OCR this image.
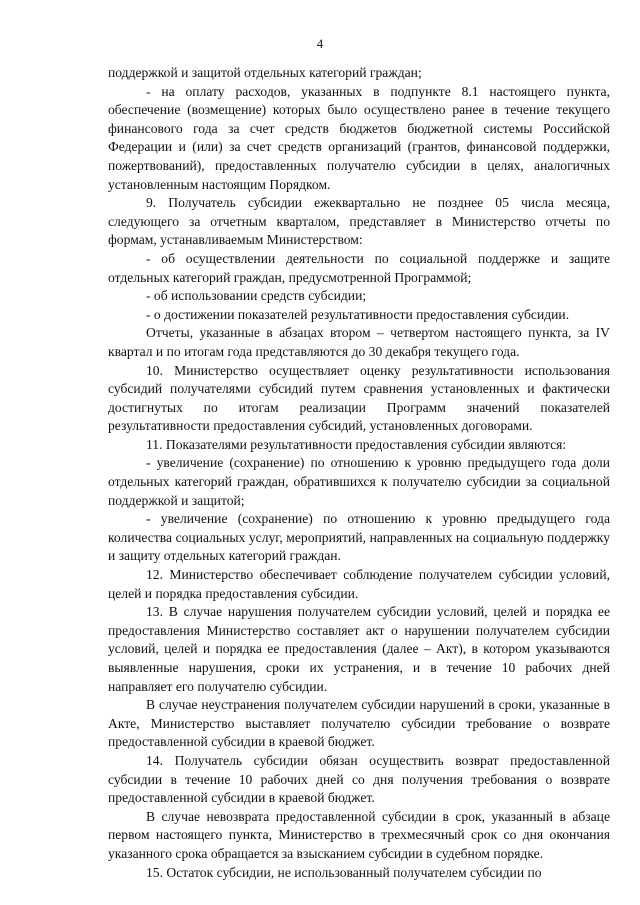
4

поддержкой и защитой отдельных категорий граждан;

- на оплату расходов, указанных в подпункте 8.1 настоящего пункта, обеспечение (возмещение) которых было осуществлено ранее в течение текущего финансового года за счет средств бюджетов бюджетной системы Российской Федерации и (или) за счет средств организаций (грантов, финансовой поддержки, пожертвований), предоставленных получателю субсидии в целях, аналогичных установленным настоящим Порядком.

9. Получатель субсидии ежеквартально не позднее 05 числа месяца, следующего за отчетным кварталом, представляет в Министерство отчеты по формам, устанавливаемым Министерством:

- об осуществлении деятельности по социальной поддержке и защите отдельных категорий граждан, предусмотренной Программой;

- об использовании средств субсидии;

- о достижении показателей результативности предоставления субсидии.

Отчеты, указанные в абзацах втором – четвертом настоящего пункта, за IV квартал и по итогам года представляются до 30 декабря текущего года.

10. Министерство осуществляет оценку результативности использования субсидий получателями субсидий путем сравнения установленных и фактически достигнутых по итогам реализации Программ значений показателей результативности предоставления субсидий, установленных договорами.

11. Показателями результативности предоставления субсидии являются:

- увеличение (сохранение) по отношению к уровню предыдущего года доли отдельных категорий граждан, обратившихся к получателю субсидии за социальной поддержкой и защитой;

- увеличение (сохранение) по отношению к уровню предыдущего года количества социальных услуг, мероприятий, направленных на социальную поддержку и защиту отдельных категорий граждан.

12. Министерство обеспечивает соблюдение получателем субсидии условий, целей и порядка предоставления субсидии.

13. В случае нарушения получателем субсидии условий, целей и порядка ее предоставления Министерство составляет акт о нарушении получателем субсидии условий, целей и порядка ее предоставления (далее – Акт), в котором указываются выявленные нарушения, сроки их устранения, и в течение 10 рабочих дней направляет его получателю субсидии.

В случае неустранения получателем субсидии нарушений в сроки, указанные в Акте, Министерство выставляет получателю субсидии требование о возврате предоставленной субсидии в краевой бюджет.

14. Получатель субсидии обязан осуществить возврат предоставленной субсидии в течение 10 рабочих дней со дня получения требования о возврате предоставленной субсидии в краевой бюджет.

В случае невозврата предоставленной субсидии в срок, указанный в абзаце первом настоящего пункта, Министерство в трехмесячный срок со дня окончания указанного срока обращается за взысканием субсидии в судебном порядке.

15. Остаток субсидии, не использованный получателем субсидии по
